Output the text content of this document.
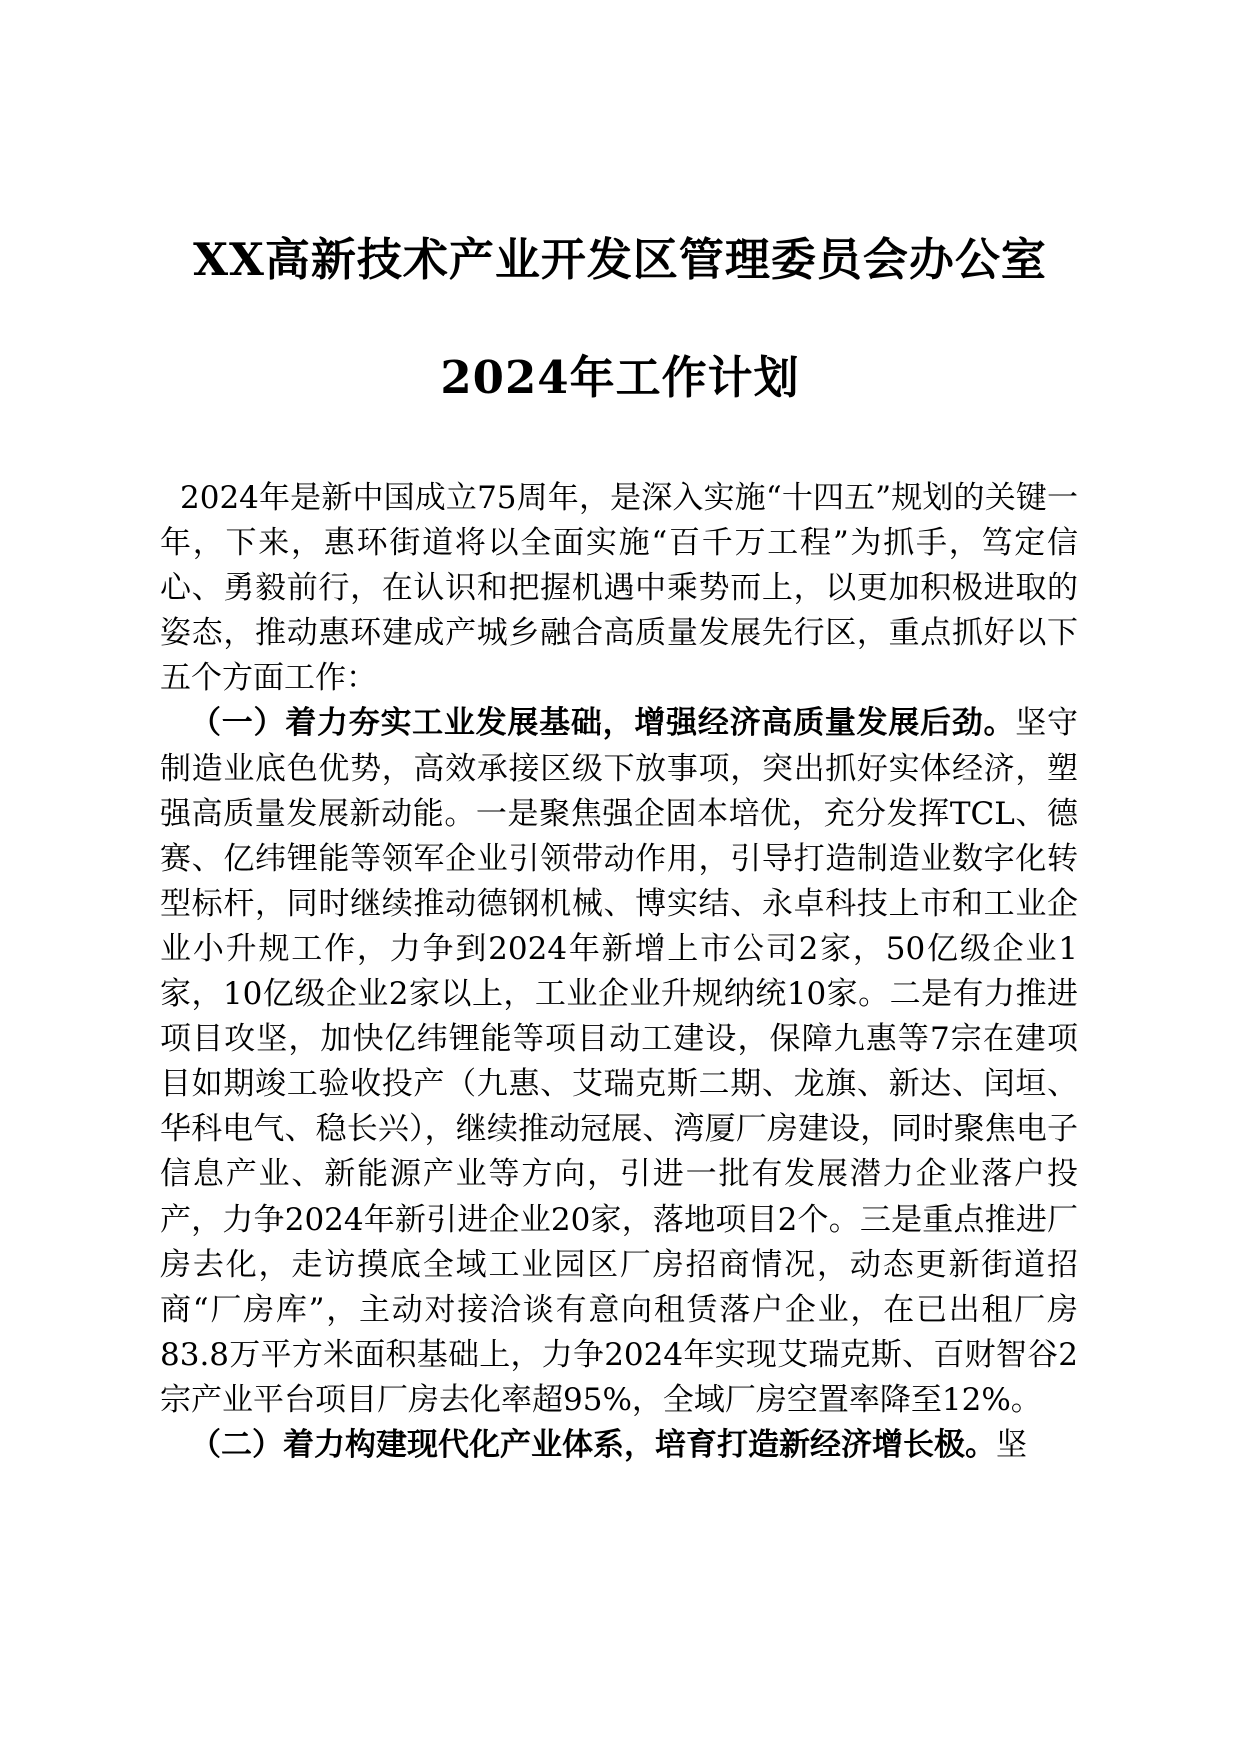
XX高新技术产业开发区管理委员会办公室
2024年工作计划

2024年是新中国成立75周年，是深入实施“十四五”规划的关键一年，下来，惠环街道将以全面实施“百千万工程”为抓手，笃定信心、勇毅前行，在认识和把握机遇中乘势而上，以更加积极进取的姿态，推动惠环建成产城乡融合高质量发展先行区，重点抓好以下五个方面工作：

（一）着力夯实工业发展基础，增强经济高质量发展后劲。坚守制造业底色优势，高效承接区级下放事项，突出抓好实体经济，塑强高质量发展新动能。一是聚焦强企固本培优，充分发挥TCL、德赛、亿纬锂能等领军企业引领带动作用，引导打造制造业数字化转型标杆，同时继续推动德钢机械、博实结、永卓科技上市和工业企业小升规工作，力争到2024年新增上市公司2家，50亿级企业1家，10亿级企业2家以上，工业企业升规纳统10家。二是有力推进项目攻坚，加快亿纬锂能等项目动工建设，保障九惠等7宗在建项目如期竣工验收投产（九惠、艾瑞克斯二期、龙旗、新达、闰垣、华科电气、稳长兴），继续推动冠展、湾厦厂房建设，同时聚焦电子信息产业、新能源产业等方向，引进一批有发展潜力企业落户投产，力争2024年新引进企业20家，落地项目2个。三是重点推进厂房去化，走访摸底全域工业园区厂房招商情况，动态更新街道招商“厂房库”，主动对接洽谈有意向租赁落户企业，在已出租厂房83.8万平方米面积基础上，力争2024年实现艾瑞克斯、百财智谷2宗产业平台项目厂房去化率超95%，全域厂房空置率降至12%。

（二）着力构建现代化产业体系，培育打造新经济增长极。坚
